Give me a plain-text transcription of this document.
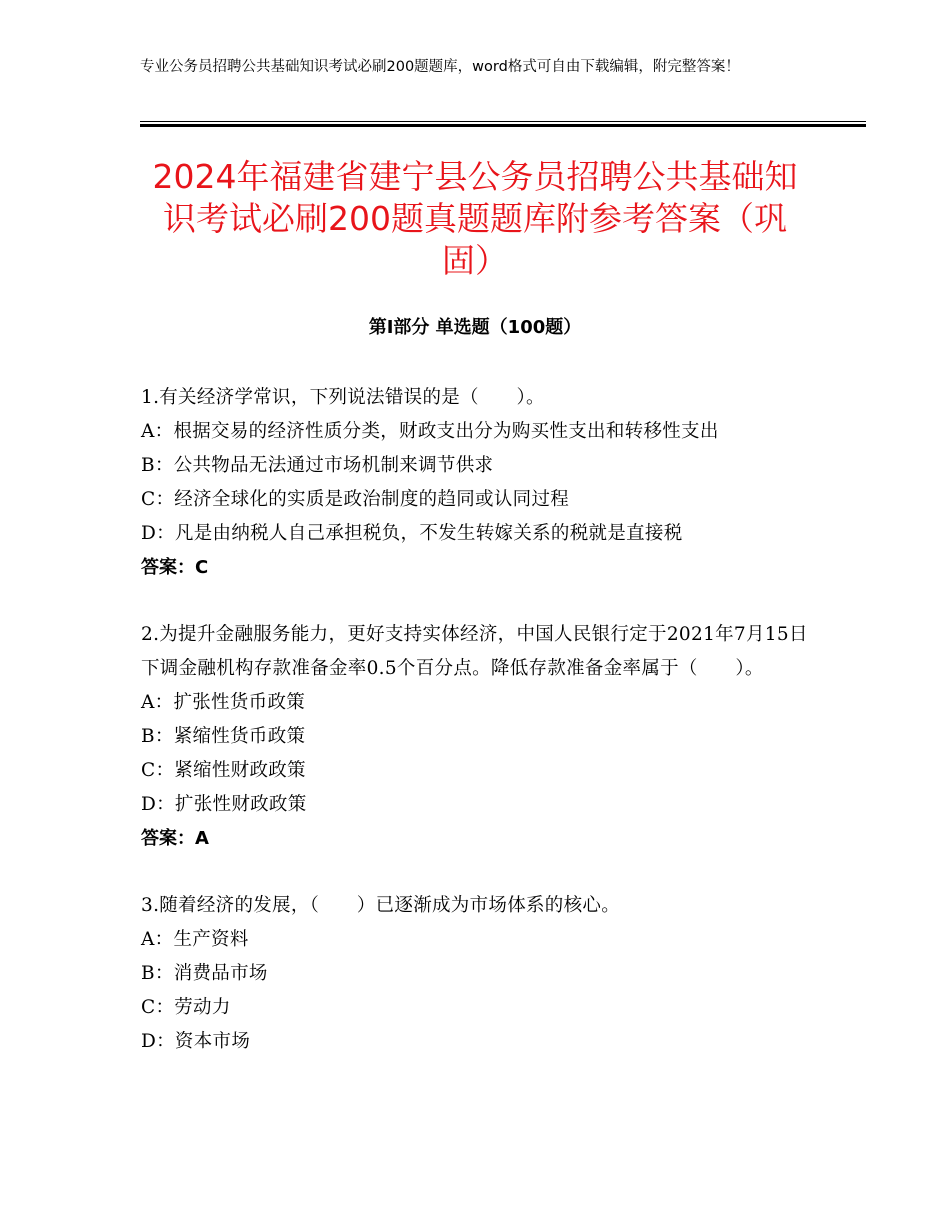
专业公务员招聘公共基础知识考试必刷200题题库，word格式可自由下载编辑，附完整答案！
2024年福建省建宁县公务员招聘公共基础知识考试必刷200题真题题库附参考答案（巩固）
第Ⅰ部分 单选题（100题）
1.有关经济学常识，下列说法错误的是（　　）。
A：根据交易的经济性质分类，财政支出分为购买性支出和转移性支出
B：公共物品无法通过市场机制来调节供求
C：经济全球化的实质是政治制度的趋同或认同过程
D：凡是由纳税人自己承担税负，不发生转嫁关系的税就是直接税
答案：C
2.为提升金融服务能力，更好支持实体经济，中国人民银行定于2021年7月15日下调金融机构存款准备金率0.5个百分点。降低存款准备金率属于（　　）。
A：扩张性货币政策
B：紧缩性货币政策
C：紧缩性财政政策
D：扩张性财政政策
答案：A
3.随着经济的发展，（　　）已逐渐成为市场体系的核心。
A：生产资料
B：消费品市场
C：劳动力
D：资本市场
